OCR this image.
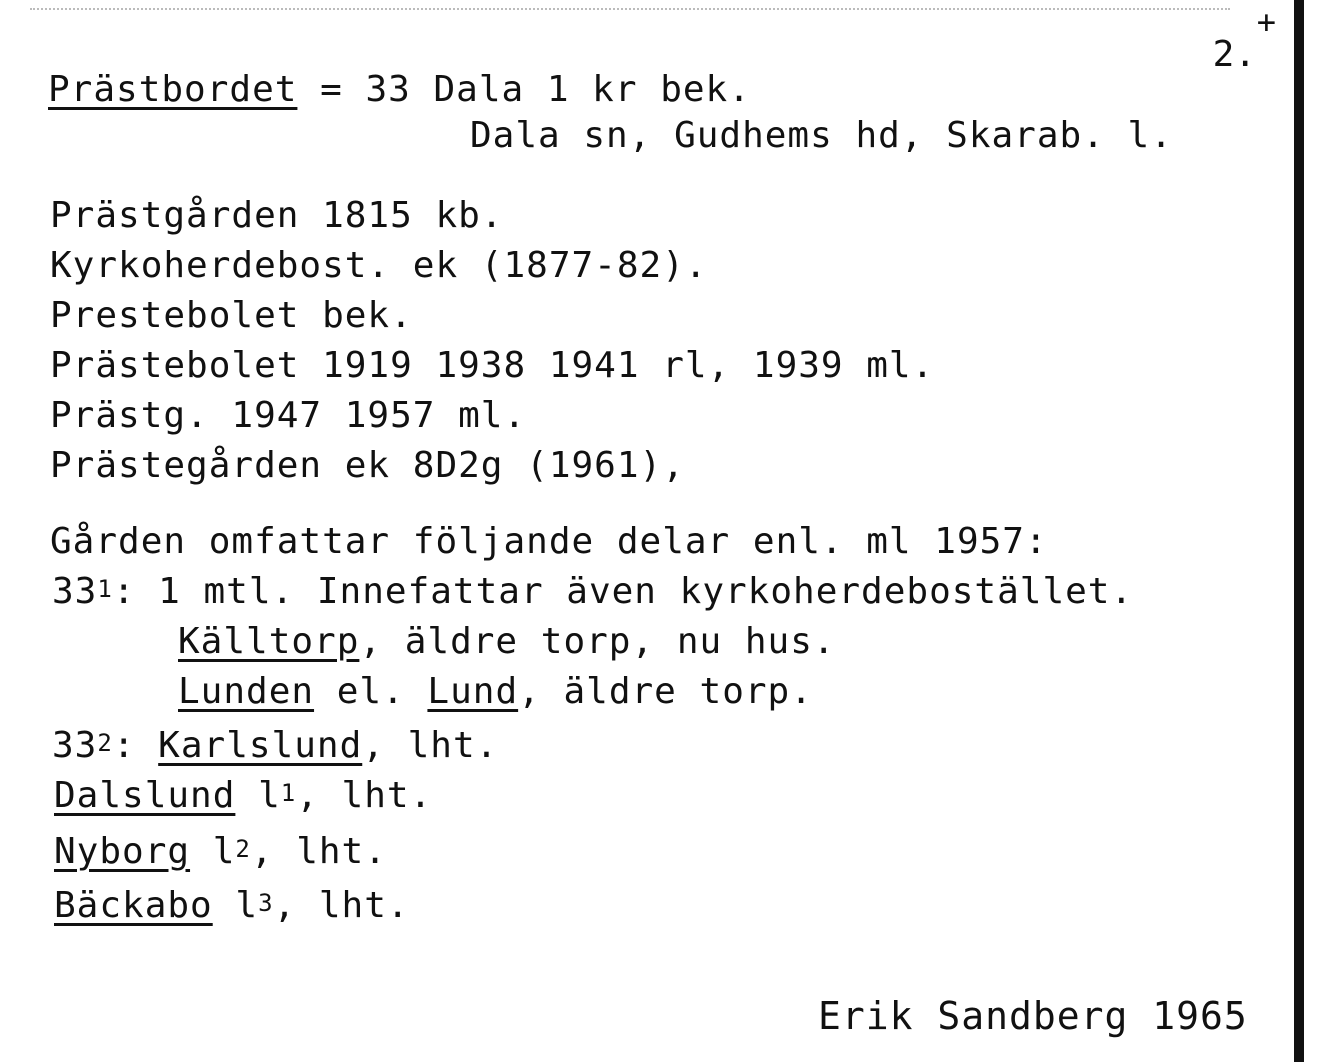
+
2.
Prästbordet = 33 Dala 1 kr bek.
Dala sn, Gudhems hd, Skarab. l.
Prästgården 1815 kb.
Kyrkoherdebost. ek (1877-82).
Prestebolet bek.
Prästebolet 1919 1938 1941 rl, 1939 ml.
Prästg. 1947 1957 ml.
Prästegården ek 8D2g (1961),
Gården omfattar följande delar enl. ml 1957:
$33^1$: 1 mtl. Innefattar även kyrkoherdebostället.
Källtorp, äldre torp, nu hus.
Lunden el. Lund, äldre torp.
$33^2$: Karlslund, lht.
Dalslund $l^1$, lht.
Nyborg $l^2$, lht.
Bäckabo $l^3$, lht.
Erik Sandberg 1965
